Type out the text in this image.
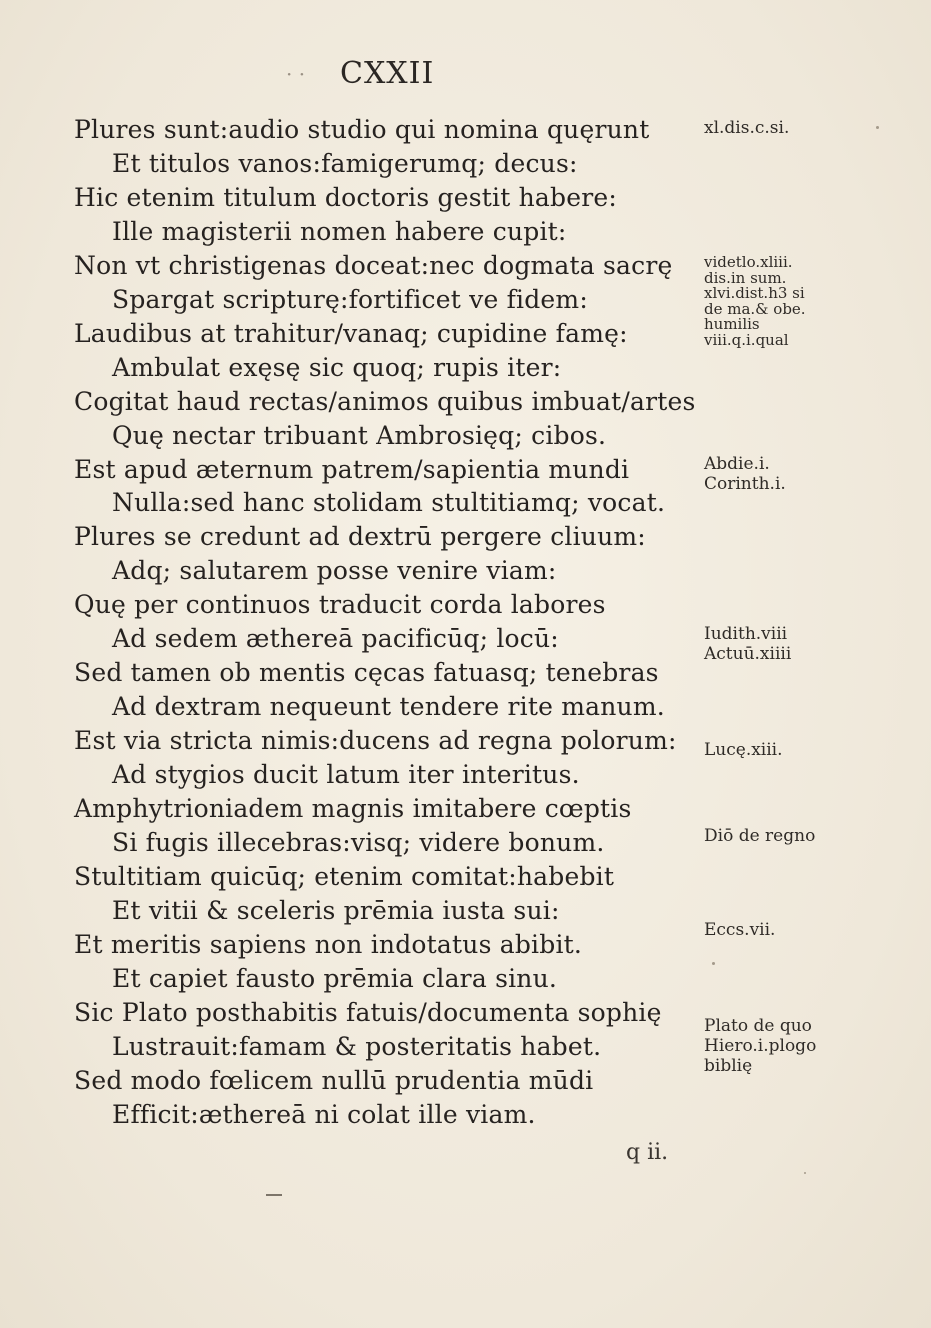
· · CXXII
Plures sunt:audio studio qui nomina quęrunt
Et titulos vanos:famigerumq; decus:
Hic etenim titulum doctoris gestit habere:
Ille magisterii nomen habere cupit:
Non vt christigenas doceat:nec dogmata sacrę
Spargat scripturę:fortificet ve fidem:
Laudibus at trahitur/vanaq; cupidine famę:
Ambulat exęsę sic quoq; rupis iter:
Cogitat haud rectas/animos quibus imbuat/artes
Quę nectar tribuant Ambrosięq; cibos.
Est apud æternum patrem/sapientia mundi
Nulla:sed hanc stolidam stultitiamq; vocat.
Plures se credunt ad dextrū pergere cliuum:
Adq; salutarem posse venire viam:
Quę per continuos traducit corda labores
Ad sedem æthereā pacificūq; locū:
Sed tamen ob mentis cęcas fatuasq; tenebras
Ad dextram nequeunt tendere rite manum.
Est via stricta nimis:ducens ad regna polorum:
Ad stygios ducit latum iter interitus.
Amphytrioniadem magnis imitabere cœptis
Si fugis illecebras:visq; videre bonum.
Stultitiam quicūq; etenim comitat:habebit
Et vitii & sceleris prēmia iusta sui:
Et meritis sapiens non indotatus abibit.
Et capiet fausto prēmia clara sinu.
Sic Plato posthabitis fatuis/documenta sophię
Lustrauit:famam & posteritatis habet.
Sed modo fœlicem nullū prudentia mūdi
Efficit:æthereā ni colat ille viam.
xl.dis.c.si.
videtlo.xliii.
dis.in sum.
xlvi.dist.h3 si
de ma.& obe.
humilis
viii.q.i.qual
Abdie.i.
Corinth.i.
Iudith.viii
Actuū.xiiii
Lucę.xiii.
Diō de regno
Eccs.vii.
Plato de quo
Hiero.i.plogo
biblię
q ii.
